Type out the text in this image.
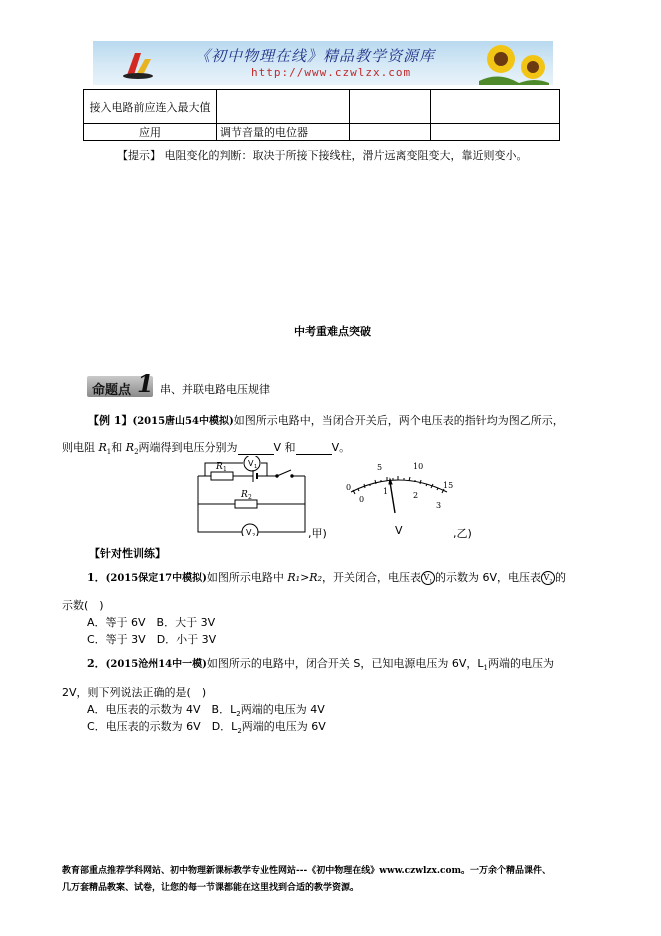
《初中物理在线》精品教学资源库
http://www.czwlzx.com
接入电路前应连入最大值			
应用	调节音量的电位器		
【提示】 电阻变化的判断：取决于所接下接线柱，滑片远离变阻变大，靠近则变小。
中考重难点突破
命题点 1 串、并联电路电压规律
【例 1】(2015唐山54中模拟)如图所示电路中，当闭合开关后，两个电压表的指针均为图乙所示，
则电阻 $R_1$和 $R_2$两端得到电压分别为	V 和	V。
R 1
R 2
V 1
V 2	,甲)
0
5	10
15
0
1	2
3
V	,乙)
【针对性训练】
1．(2015保定17中模拟)如图所示电路中 R₁>R₂，开关闭合，电压表 $V_1$ 的示数为 6V，电压表 $V_2$ 的
示数(　)
A．等于 6V　B．大于 3V
C．等于 3V　D．小于 3V
2．(2015沧州14中一模)如图所示的电路中，闭合开关 S，已知电源电压为 6V，$L_1$两端的电压为
2V，则下列说法正确的是(　)
A．电压表的示数为 4V　B．$L_2$两端的电压为 4V
C．电压表的示数为 6V　D．$L_2$两端的电压为 6V
教育部重点推荐学科网站、初中物理新课标教学专业性网站---《初中物理在线》www.czwlzx.com。一万余个精品课件、
几万套精品教案、试卷，让您的每一节课都能在这里找到合适的教学资源。
